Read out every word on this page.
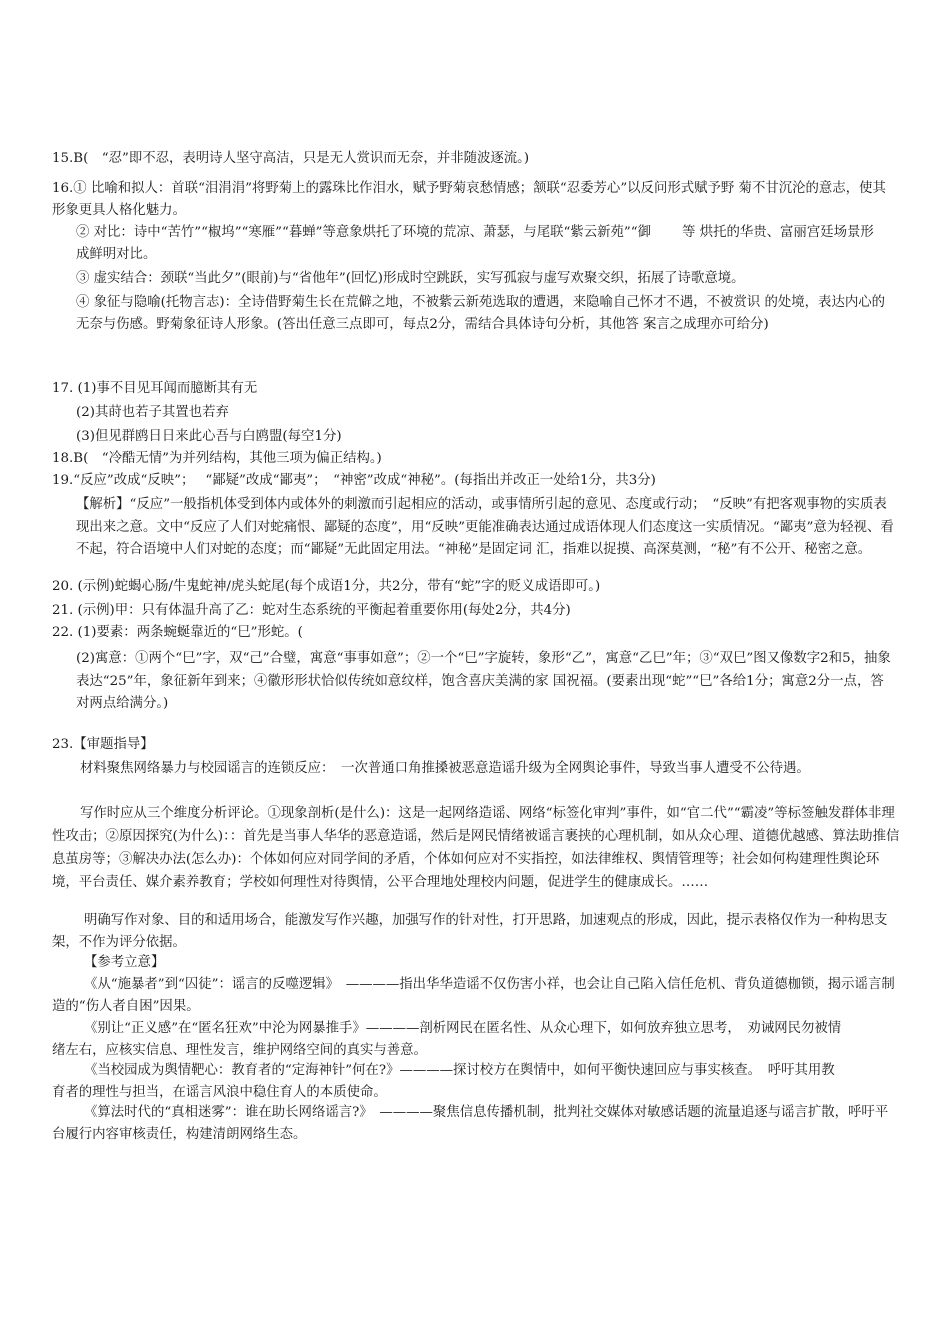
15.B(　“忍”即不忍，表明诗人坚守高洁，只是无人赏识而无奈，并非随波逐流。)

16.① 比喻和拟人：首联“泪涓涓”将野菊上的露珠比作泪水，赋予野菊哀愁情感；颔联“忍委芳心”以反问形式赋予野 菊不甘沉沦的意志，使其形象更具人格化魅力。

② 对比：诗中“苦竹”“椒坞”“寒雁”“暮蝉”等意象烘托了环境的荒凉、萧瑟，与尾联“紫云新苑”“御　　 等 烘托的华贵、富丽宫廷场景形成鲜明对比。

③ 虚实结合：颈联“当此夕”(眼前)与“省他年”(回忆)形成时空跳跃，实写孤寂与虚写欢聚交织，拓展了诗歌意境。

④ 象征与隐喻(托物言志)：全诗借野菊生长在荒僻之地，不被紫云新苑选取的遭遇，来隐喻自己怀才不遇，不被赏识 的处境，表达内心的无奈与伤感。野菊象征诗人形象。(答出任意三点即可，每点2分，需结合具体诗句分析，其他答 案言之成理亦可给分)

17. (1)事不目见耳闻而臆断其有无

(2)其莳也若子其置也若弃

(3)但见群鸥日日来此心吾与白鸥盟(每空1分)

18.B(　“冷酷无情”为并列结构，其他三项为偏正结构。)

19.“反应”改成“反映”；　 “鄙疑”改成“鄙夷”；　“神密”改成“神秘”。(每指出并改正一处给1分，共3分)

【解析】“反应”一般指机体受到体内或体外的刺激而引起相应的活动，或事情所引起的意见、态度或行动；　“反映”有把客观事物的实质表现出来之意。文中“反应了人们对蛇痛恨、鄙疑的态度”，用“反映”更能准确表达通过成语体现人们态度这一实质情况。“鄙夷”意为轻视、看不起，符合语境中人们对蛇的态度；而“鄙疑”无此固定用法。“神秘”是固定词 汇，指难以捉摸、高深莫测，“秘”有不公开、秘密之意。

20. (示例)蛇蝎心肠/牛鬼蛇神/虎头蛇尾(每个成语1分，共2分，带有“蛇”字的贬义成语即可。)

21. (示例)甲：只有体温升高了乙：蛇对生态系统的平衡起着重要你用(每处2分，共4分)

22. (1)要素：两条蜿蜒靠近的“巳”形蛇。(

(2)寓意：①两个“巳”字，双“己”合璧，寓意“事事如意”；②一个“巳”字旋转，象形“乙”，寓意“乙巳”年；③“双巳”图又像数字2和5，抽象表达“25”年，象征新年到来；④徽形形状恰似传统如意纹样，饱含喜庆美满的家 国祝福。(要素出现“蛇”“巳”各给1分；寓意2分一点，答对两点给满分。)

23.【审题指导】

材料聚焦网络暴力与校园谣言的连锁反应：　一次普通口角推搡被恶意造谣升级为全网舆论事件，导致当事人遭受不公待遇。

写作时应从三个维度分析评论。①现象剖析(是什么)：这是一起网络造谣、网络“标签化审判”事件，如“官二代”“霸凌”等标签触发群体非理性攻击；②原因探究(为什么)：：首先是当事人华华的恶意造谣，然后是网民情绪被谣言裹挟的心理机制，如从众心理、道德优越感、算法助推信息茧房等；③解决办法(怎么办)：个体如何应对同学间的矛盾，个体如何应对不实指控，如法律维权、舆情管理等；社会如何构建理性舆论环境，平台责任、媒介素养教育；学校如何理性对待舆情，公平合理地处理校内问题，促进学生的健康成长。……

明确写作对象、目的和适用场合，能激发写作兴趣，加强写作的针对性，打开思路，加速观点的形成，因此，提示表格仅作为一种构思支架，不作为评分依据。

【参考立意】

《从“施暴者”到“囚徒”：谣言的反噬逻辑》　————指出华华造谣不仅伤害小祥，也会让自己陷入信任危机、背负道德枷锁，揭示谣言制造的“伤人者自困”因果。

《别让“正义感”在“匿名狂欢”中沦为网暴推手》————剖析网民在匿名性、从众心理下，如何放弃独立思考，　劝诫网民勿被情绪左右，应核实信息、理性发言，维护网络空间的真实与善意。

《当校园成为舆情靶心：教育者的“定海神针”何在?》————探讨校方在舆情中，如何平衡快速回应与事实核查。　呼吁其用教育者的理性与担当，在谣言风浪中稳住育人的本质使命。

《算法时代的“真相迷雾”：谁在助长网络谣言?》　————聚焦信息传播机制，批判社交媒体对敏感话题的流量追逐与谣言扩散，呼吁平台履行内容审核责任，构建清朗网络生态。
